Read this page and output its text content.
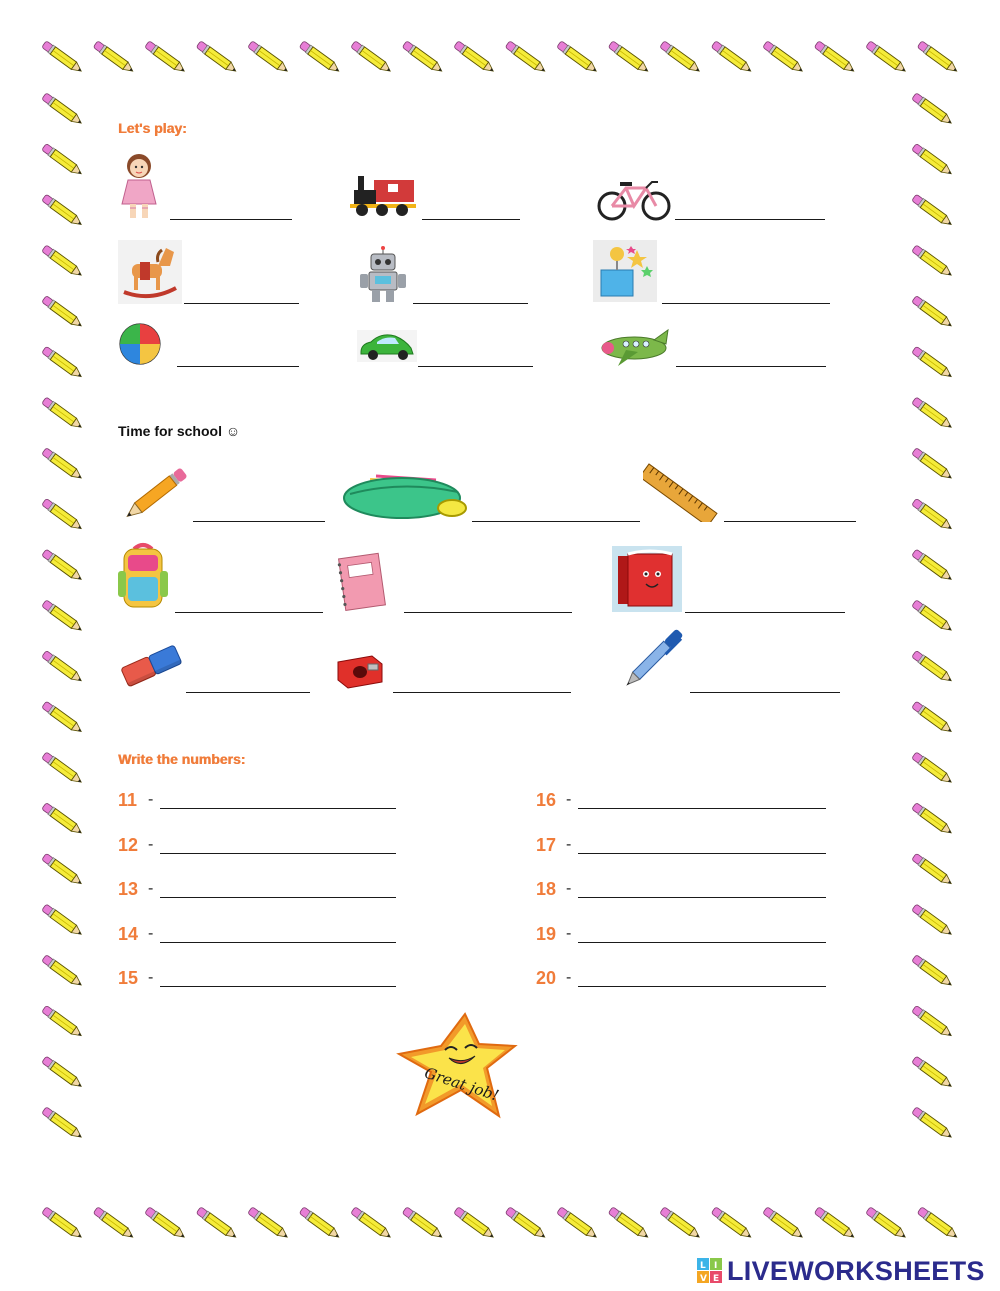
Let's play:
Time for school ☺
Write the numbers:
11 -
12 -
13 -
14 -
15 -
16 -
17 -
18 -
19 -
20 -
Great job!
L I
V E LIVEWORKSHEETS
